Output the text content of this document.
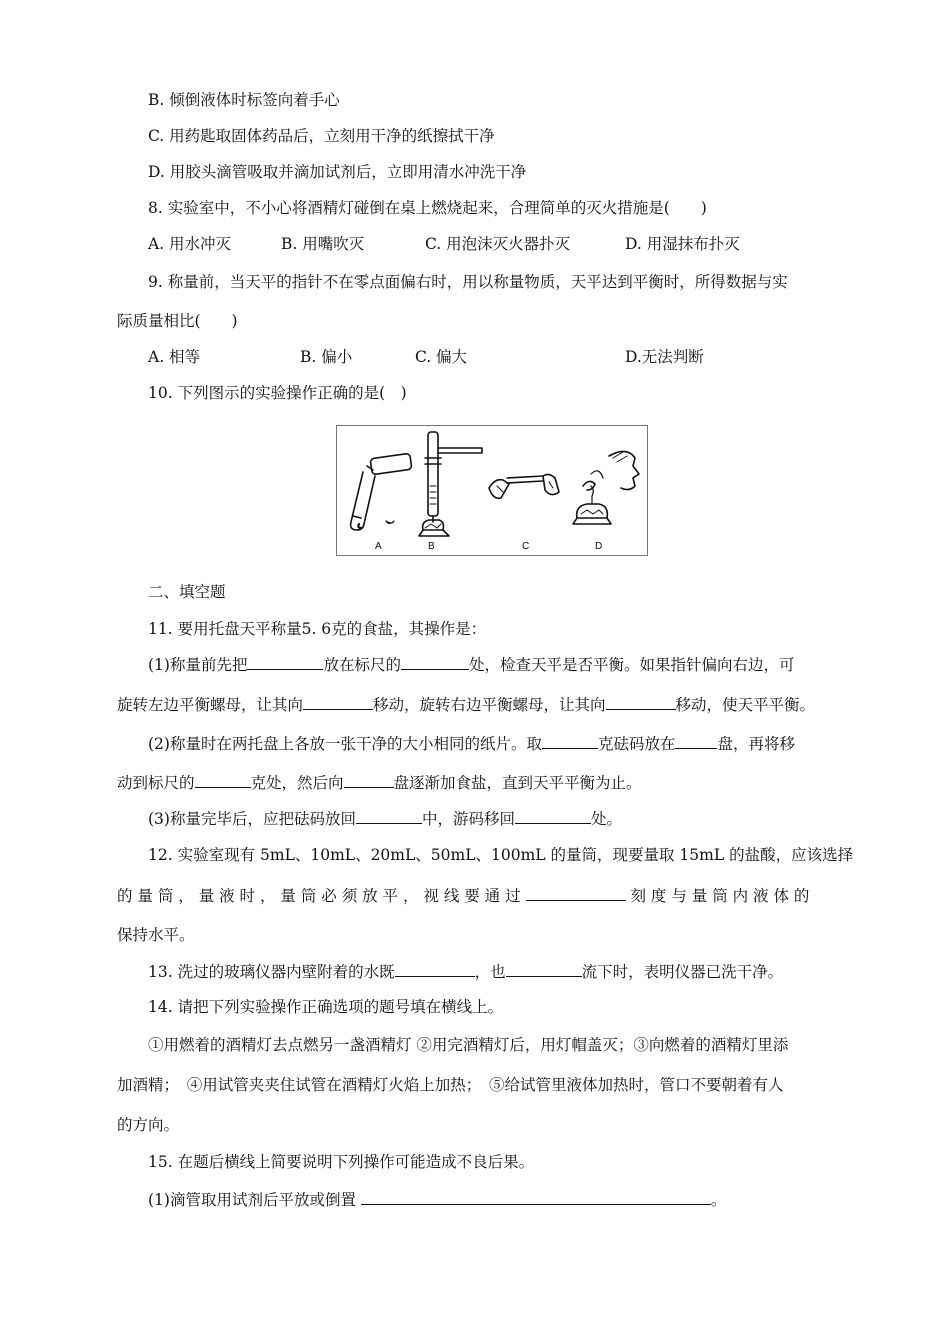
B. 倾倒液体时标签向着手心
C. 用药匙取固体药品后，立刻用干净的纸擦拭干净
D. 用胶头滴管吸取并滴加试剂后，立即用清水冲洗干净
8. 实验室中，不小心将酒精灯碰倒在桌上燃烧起来，合理简单的灭火措施是(　　)
A. 用水冲灭	B. 用嘴吹灭	C. 用泡沫灭火器扑灭	D. 用湿抹布扑灭
9. 称量前，当天平的指针不在零点面偏右时，用以称量物质，天平达到平衡时，所得数据与实
际质量相比(　　)
A. 相等	B. 偏小	C. 偏大	D.无法判断
10. 下列图示的实验操作正确的是(　)
A	B	C	D
二、填空题
11. 要用托盘天平称量5. 6克的食盐，其操作是：
(1)称量前先把	放在标尺的	处，检查天平是否平衡。如果指针偏向右边，可
旋转左边平衡螺母，让其向	移动，旋转右边平衡螺母，让其向	移动，使天平平衡。
(2)称量时在两托盘上各放一张干净的大小相同的纸片。取	克砝码放在	盘，再将移
动到标尺的	克处，然后向	盘逐渐加食盐，直到天平平衡为止。
(3)称量完毕后，应把砝码放回	中，游码移回	处。
12. 实验室现有 5mL、10mL、20mL、50mL、100mL 的量筒，现要量取 15mL 的盐酸，应该选择
的 量 筒 ， 量 液 时 ， 量 筒 必 须 放 平 ， 视 线 要 通 过	刻 度 与 量 筒 内 液 体 的
保持水平。
13. 洗过的玻璃仪器内壁附着的水既	，也	流下时，表明仪器已洗干净。
14. 请把下列实验操作正确选项的题号填在横线上。
①用燃着的酒精灯去点燃另一盏酒精灯 ②用完酒精灯后，用灯帽盖灭；③向燃着的酒精灯里添
加酒精；　④用试管夹夹住试管在酒精灯火焰上加热；　⑤给试管里液体加热时，管口不要朝着有人
的方向。
15. 在题后横线上简要说明下列操作可能造成不良后果。
(1)滴管取用试剂后平放或倒置	。
